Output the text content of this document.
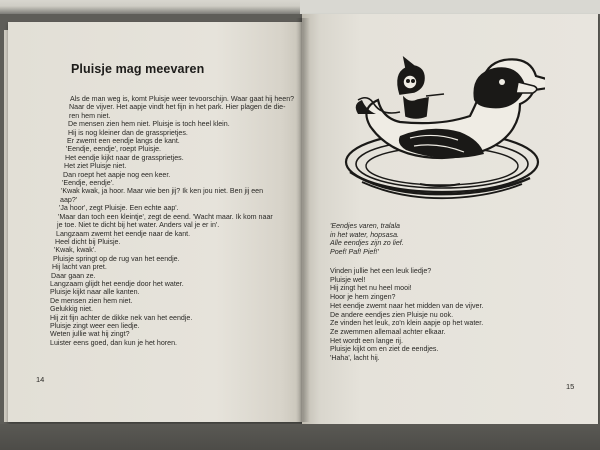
Pluisje mag meevaren
Als de man weg is, komt Pluisje weer tevoorschijn. Waar gaat hij heen?
Naar de vijver. Het aapje vindt het fijn in het park. Hier plagen de die-
ren hem niet.
De mensen zien hem niet. Pluisje is toch heel klein.
Hij is nog kleiner dan de grassprietjes.
Er zwemt een eendje langs de kant.
'Eendje, eendje', roept Pluisje.
Het eendje kijkt naar de grassprietjes.
Het ziet Pluisje niet.
Dan roept het aapje nog een keer.
'Eendje, eendje'.
'Kwak kwak, ja hoor. Maar wie ben jij? Ik ken jou niet. Ben jij een
aap?'
'Ja hoor', zegt Pluisje. Een echte aap'.
'Maar dan toch een kleintje', zegt de eend. 'Wacht maar. Ik kom naar
je toe. Niet te dicht bij het water. Anders val je er in'.
Langzaam zwemt het eendje naar de kant.
Heel dicht bij Pluisje.
'Kwak, kwak'.
Pluisje springt op de rug van het eendje.
Hij lacht van pret.
Daar gaan ze.
Langzaam glijdt het eendje door het water.
Pluisje kijkt naar alle kanten.
De mensen zien hem niet.
Gelukkig niet.
Hij zit fijn achter de dikke nek van het eendje.
Pluisje zingt weer een liedje.
Weten jullie wat hij zingt?
Luister eens goed, dan kun je het horen.
14
'Eendjes varen, tralala
in het water, hopsasa.
Alle eendjes zijn zo lief.
Poef! Paf! Pief!'
Vinden jullie het een leuk liedje?
Pluisje wel!
Hij zingt het nu heel mooi!
Hoor je hem zingen?
Het eendje zwemt naar het midden van de vijver.
De andere eendjes zien Pluisje nu ook.
Ze vinden het leuk, zo'n klein aapje op het water.
Ze zwemmen allemaal achter elkaar.
Het wordt een lange rij.
Pluisje kijkt om en ziet de eendjes.
'Haha', lacht hij.
15
